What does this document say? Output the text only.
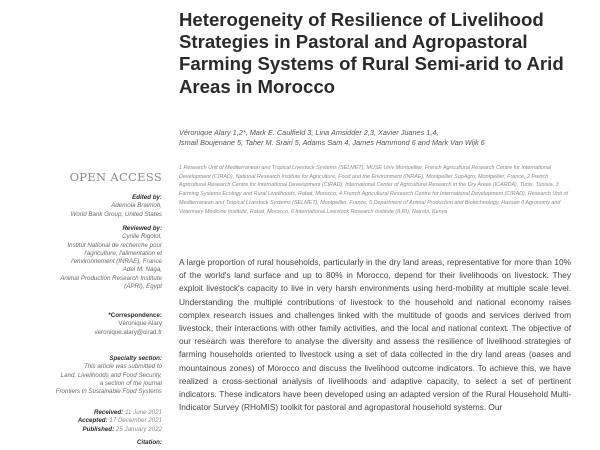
OPEN ACCESS
Edited by:
Ademola Braimoh,
World Bank Group, United States
Reviewed by:
Cyrille Rigolot,
Institut National de recherche pour
l'agriculture, l'alimentation et
l'environnement (INRAE), France
Adel M. Naga,
Animal Production Research Institute
(APRI), Egypt
*Correspondence:
Véronique Alary
veronique.alary@cirad.fr
Specialty section:
This article was submitted to
Land, Livelihoods and Food Security,
a section of the journal
Frontiers in Sustainable Food Systems
Received: 11 June 2021
Accepted: 17 December 2021
Published: 25 January 2022
Citation:
Heterogeneity of Resilience of Livelihood Strategies in Pastoral and Agropastoral Farming Systems of Rural Semi-arid to Arid Areas in Morocco
Véronique Alary 1,2*, Mark E. Caulfield 3, Lina Amsidder 2,3, Xavier Juanes 1,4,
Ismail Boujenane 5, Taher M. Srairi 5, Adams Sam 4, James Hammond 6 and Mark Van Wijk 6
1 Research Unit of Mediterranean and Tropical Livestock Systems (SELMET), MUSE Univ Montpellier, French Agricultural Research Centre for International Development (CIRAD), National Research Institute for Agriculture, Food and the Environment (INRAE), Montpellier SupAgro, Montpellier, France, 2 French Agricultural Research Centre for International Development (CIRAD), International Center of Agricultural Research in the Dry Areas (ICARDA), Tunis, Tunisia, 3 Farming Systems Ecology and Rural Livelihoods, Rabat, Morocco, 4 French Agricultural Research Centre for International Development (CIRAD), Research Unit of Mediterranean and Tropical Livestock Systems (SELMET), Montpellier, France, 5 Department of Animal Production and Biotechnology, Hassan II Agronomy and Veterinary Medicine Institute, Rabat, Morocco, 6 International Livestock Research Institute (ILRI), Nairobi, Kenya
A large proportion of rural households, particularly in the dry land areas, representative for more than 10% of the world's land surface and up to 80% in Morocco, depend for their livelihoods on livestock. They exploit livestock's capacity to live in very harsh environments using herd-mobility at multiple scale level. Understanding the multiple contributions of livestock to the household and national economy raises complex research issues and challenges linked with the multitude of goods and services derived from livestock, their interactions with other family activities, and the local and national context. The objective of our research was therefore to analyse the diversity and assess the resilience of livelihood strategies of farming households oriented to livestock using a set of data collected in the dry land areas (oases and mountainous zones) of Morocco and discuss the livelihood outcome indicators. To achieve this, we have realized a cross-sectional analysis of livelihoods and adaptive capacity, to select a set of pertinent indicators. These indicators have been developed using an adapted version of the Rural Household Multi-Indicator Survey (RHoMIS) toolkit for pastoral and agropastoral household systems. Our
